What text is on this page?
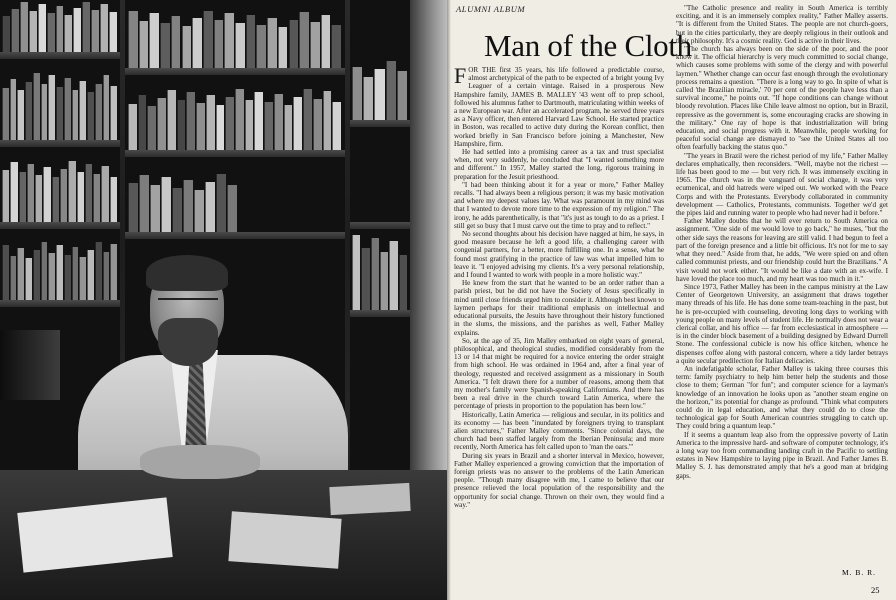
ALUMNI ALBUM
Man of the Cloth

FOR THE first 35 years, his life followed a predictable course, almost archetypical of the path to be expected of a bright young Ivy Leaguer of a certain vintage. Raised in a prosperous New Hampshire family, JAMES B. MALLEY '43 went off to prep school, followed his alumnus father to Dartmouth, matriculating within weeks of a new European war. After an accelerated program, he served three years as a Navy officer, then entered Harvard Law School. He started practice in Boston, was recalled to active duty during the Korean conflict, then worked briefly in San Francisco before joining a Manchester, New Hampshire, firm.

He had settled into a promising career as a tax and trust specialist when, not very suddenly, he concluded that "I wanted something more and different." In 1957, Malley started the long, rigorous training in preparation for the Jesuit priesthood.

"I had been thinking about it for a year or more," Father Malley recalls. "I had always been a religious person; it was my basic motivation and where my deepest values lay. What was paramount in my mind was that I wanted to devote more time to the expression of my religion." The irony, he adds parenthetically, is that "it's just as tough to do as a priest. I still get so busy that I must carve out the time to pray and to reflect."

No second thoughts about his decision have nagged at him, he says, in good measure because he left a good life, a challenging career with congenial partners, for a better, more fulfilling one. In a sense, what he found most gratifying in the practice of law was what impelled him to leave it. "I enjoyed advising my clients. It's a very personal relationship, and I found I wanted to work with people in a more holistic way."

He knew from the start that he wanted to be an order rather than a parish priest, but he did not have the Society of Jesus specifically in mind until close friends urged him to consider it. Although best known to laymen perhaps for their traditional emphasis on intellectual and educational pursuits, the Jesuits have throughout their history functioned in the slums, the missions, and the parishes as well, Father Malley explains.

So, at the age of 35, Jim Malley embarked on eight years of general, philosophical, and theological studies, modified considerably from the 13 or 14 that might be required for a novice entering the order straight from high school. He was ordained in 1964 and, after a final year of theology, requested and received assignment as a missionary in South America. "I felt drawn there for a number of reasons, among them that my mother's family were Spanish-speaking Californians. And there has been a real drive in the church toward Latin America, where the percentage of priests in proportion to the population has been low."

Historically, Latin America — religious and secular, in its politics and its economy — has been "inundated by foreigners trying to transplant alien structures," Father Malley comments. "Since colonial days, the church had been staffed largely from the Iberian Peninsula; and more recently, North America has felt called upon to 'man the oars.'"

During six years in Brazil and a shorter interval in Mexico, however, Father Malley experienced a growing conviction that the importation of foreign priests was no answer to the problems of the Latin American people. "Though many disagree with me, I came to believe that our presence relieved the local population of the responsibility and the opportunity for social change. Thrown on their own, they would find a way."

"The Catholic presence and reality in South America is terribly exciting, and it is an immensely complex reality," Father Malley asserts. "It is different from the United States. The people are not church-goers, but in the cities particularly, they are deeply religious in their outlook and their philosophy. It's a cosmic reality. God is active in their lives.

"The church has always been on the side of the poor, and the poor know it. The official hierarchy is very much committed to social change, which causes some problems with some of the clergy and with powerful laymen." Whether change can occur fast enough through the evolutionary process remains a question. "There is a long way to go. In spite of what is called 'the Brazilian miracle,' 70 per cent of the people have less than a survival income," he points out. "If hope conditions can change without bloody revolution. Places like Chile leave almost no option, but in Brazil, repressive as the government is, some encouraging cracks are showing in the military." One ray of hope is that industrialization will bring education, and social progress with it. Meanwhile, people working for peaceful social change are dismayed to "see the United States all too often fearfully backing the status quo."

"The years in Brazil were the richest period of my life," Father Malley declares emphatically, then reconsiders. "Well, maybe not the richest — life has been good to me — but very rich. It was immensely exciting in 1965. The church was in the vanguard of social change, it was very ecumenical, and old hatreds were wiped out. We worked with the Peace Corps and with the Protestants. Everybody collaborated in community development — Catholics, Protestants, communists. Together we'd get the pipes laid and running water to people who had never had it before."

Father Malley doubts that he will ever return to South America on assignment. "One side of me would love to go back," he muses, "but the other side says the reasons for leaving are still valid. I had begun to feel a part of the foreign presence and a little bit officious. It's not for me to say what they need." Aside from that, he adds, "We were spied on and often called communist priests, and our friendship could hurt the Brazilians." A visit would not work either. "It would be like a date with an ex-wife. I have loved the place too much, and my heart was too much in it."

Since 1973, Father Malley has been in the campus ministry at the Law Center of Georgetown University, an assignment that draws together many threads of his life. He has done some team-teaching in the past, but he is pre-occupied with counseling, devoting long days to working with young people on many levels of student life. He normally does not wear a clerical collar, and his office — far from ecclesiastical in atmosphere — is in the cinder block basement of a building designed by Edward Durrell Stone. The confessional cubicle is now his office kitchen, whence he dispenses coffee along with pastoral concern, where a tidy larder betrays a quite secular predilection for Italian delicacies.

An indefatigable scholar, Father Malley is taking three courses this term: family psychiatry to help him better help the students and those close to them; German "for fun"; and computer science for a layman's knowledge of an innovation he looks upon as "another steam engine on the horizon," its potential for change as profound. "Think what computers could do in legal education, and what they could do to close the technological gap for South American countries struggling to catch up. They could bring a quantum leap."

If it seems a quantum leap also from the oppressive poverty of Latin America to the impressive hard- and software of computer technology, it's a long way too from commanding landing craft in the Pacific to settling estates in New Hampshire to laying pipe in Brazil. And Father James B. Malley S. J. has demonstrated amply that he's a good man at bridging gaps.

M. B. R.
25
